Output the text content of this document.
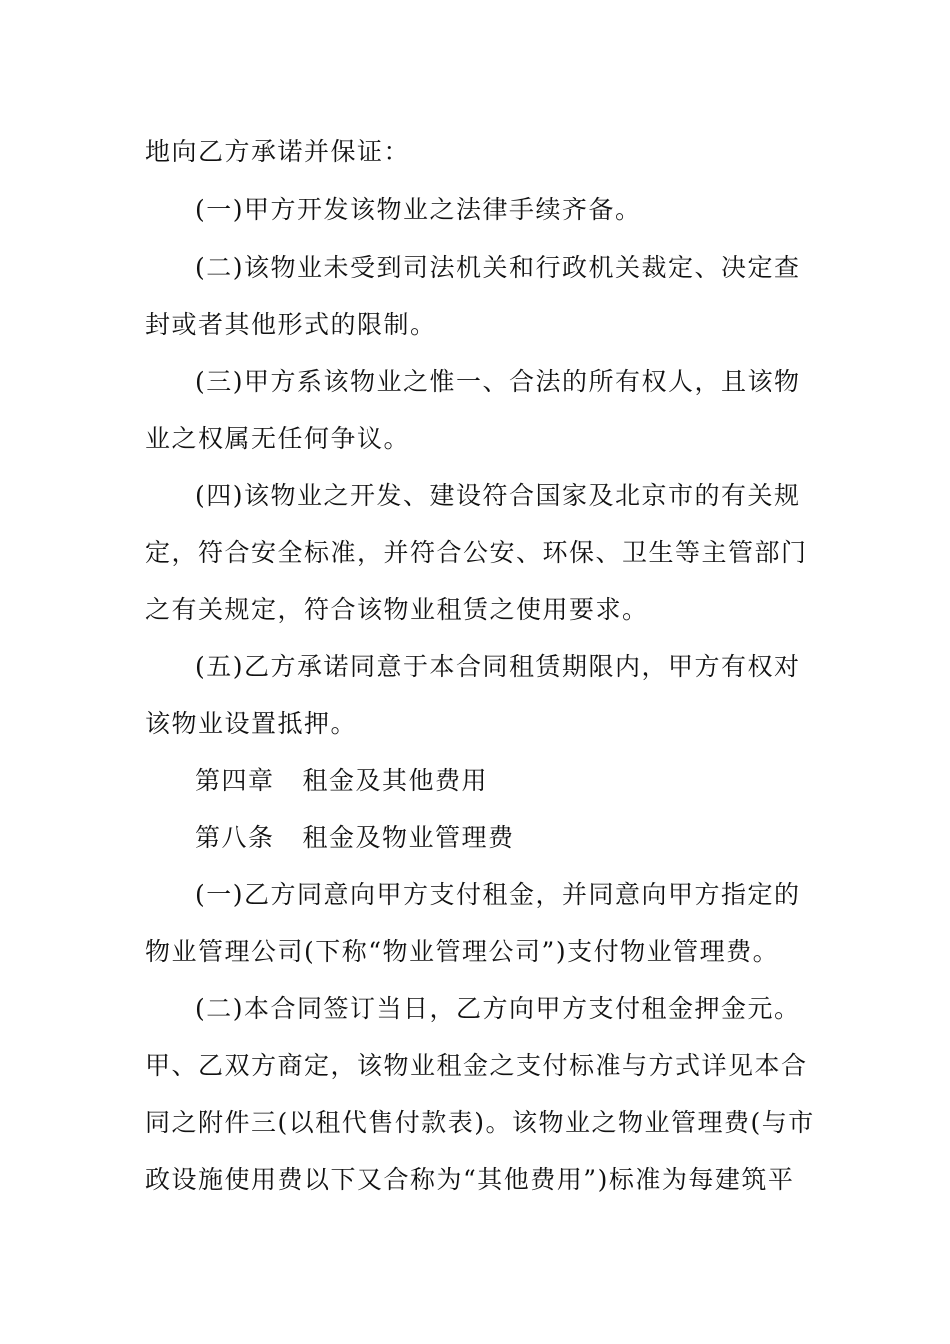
地向乙方承诺并保证：
(一)甲方开发该物业之法律手续齐备。
(二)该物业未受到司法机关和行政机关裁定、决定查
封或者其他形式的限制。
(三)甲方系该物业之惟一、合法的所有权人，且该物
业之权属无任何争议。
(四)该物业之开发、建设符合国家及北京市的有关规
定，符合安全标准，并符合公安、环保、卫生等主管部门
之有关规定，符合该物业租赁之使用要求。
(五)乙方承诺同意于本合同租赁期限内，甲方有权对
该物业设置抵押。
第四章 租金及其他费用
第八条 租金及物业管理费
(一)乙方同意向甲方支付租金，并同意向甲方指定的
物业管理公司(下称“物业管理公司”)支付物业管理费。
(二)本合同签订当日，乙方向甲方支付租金押金元。
甲、乙双方商定，该物业租金之支付标准与方式详见本合
同之附件三(以租代售付款表)。该物业之物业管理费(与市
政设施使用费以下又合称为“其他费用”)标准为每建筑平
